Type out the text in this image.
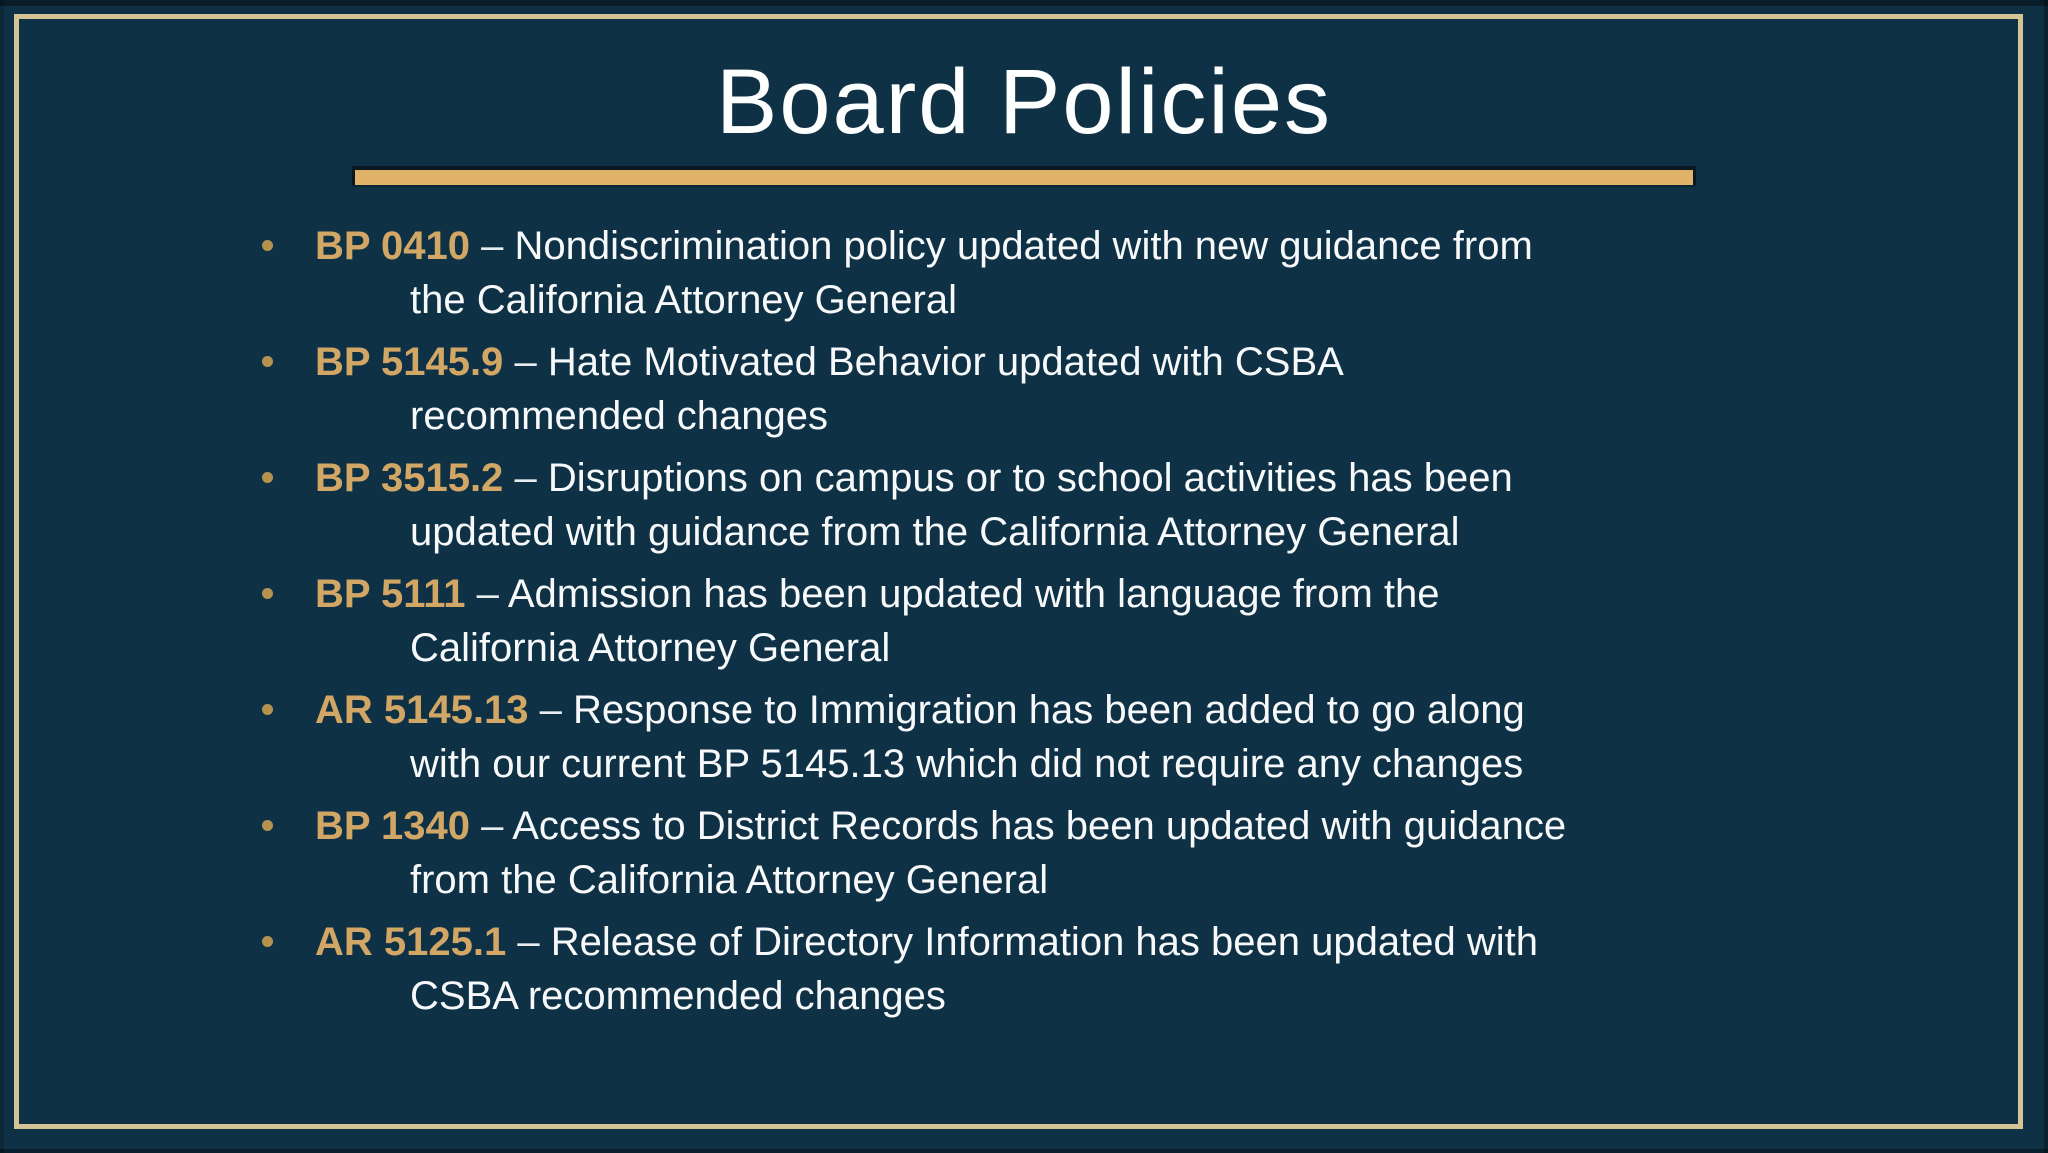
Board Policies
BP 0410 – Nondiscrimination policy updated with new guidance from
the California Attorney General
BP 5145.9 – Hate Motivated Behavior updated with CSBA
recommended changes
BP 3515.2 – Disruptions on campus or to school activities has been
updated with guidance from the California Attorney General
BP 5111 – Admission has been updated with language from the
California Attorney General
AR 5145.13 – Response to Immigration has been added to go along
with our current BP 5145.13 which did not require any changes
BP 1340 – Access to District Records has been updated with guidance
from the California Attorney General
AR 5125.1 – Release of Directory Information has been updated with
CSBA recommended changes
